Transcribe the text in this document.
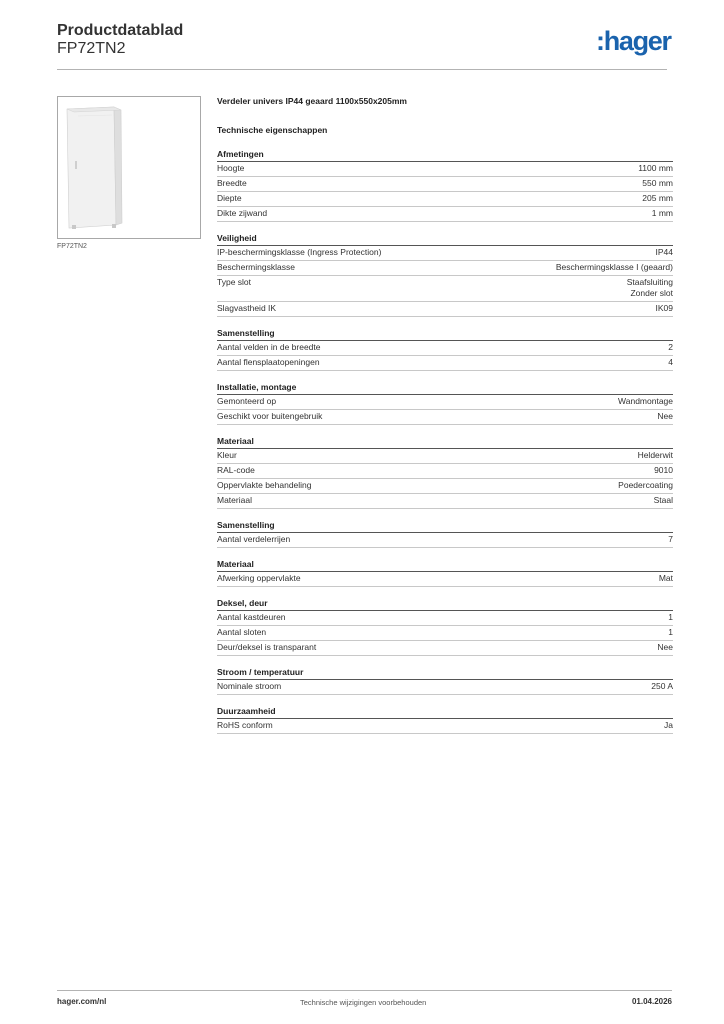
Productdatablad
FP72TN2	:hager
FP72TN2
Verdeler univers IP44 geaard 1100x550x205mm
Technische eigenschappen
Afmetingen
Hoogte	1100 mm
Breedte	550 mm
Diepte	205 mm
Dikte zijwand	1 mm
Veiligheid
IP-beschermingsklasse (Ingress Protection)	IP44
Beschermingsklasse	Beschermingsklasse I (geaard)
Type slot	Staafsluiting
Zonder slot
Slagvastheid IK	IK09
Samenstelling
Aantal velden in de breedte	2
Aantal flensplaatopeningen	4
Installatie, montage
Gemonteerd op	Wandmontage
Geschikt voor buitengebruik	Nee
Materiaal
Kleur	Helderwit
RAL-code	9010
Oppervlakte behandeling	Poedercoating
Materiaal	Staal
Samenstelling
Aantal verdelerrijen	7
Materiaal
Afwerking oppervlakte	Mat
Deksel, deur
Aantal kastdeuren	1
Aantal sloten	1
Deur/deksel is transparant	Nee
Stroom / temperatuur
Nominale stroom	250 A
Duurzaamheid
RoHS conform	Ja
hager.com/nl	Technische wijzigingen voorbehouden	01.04.2026
